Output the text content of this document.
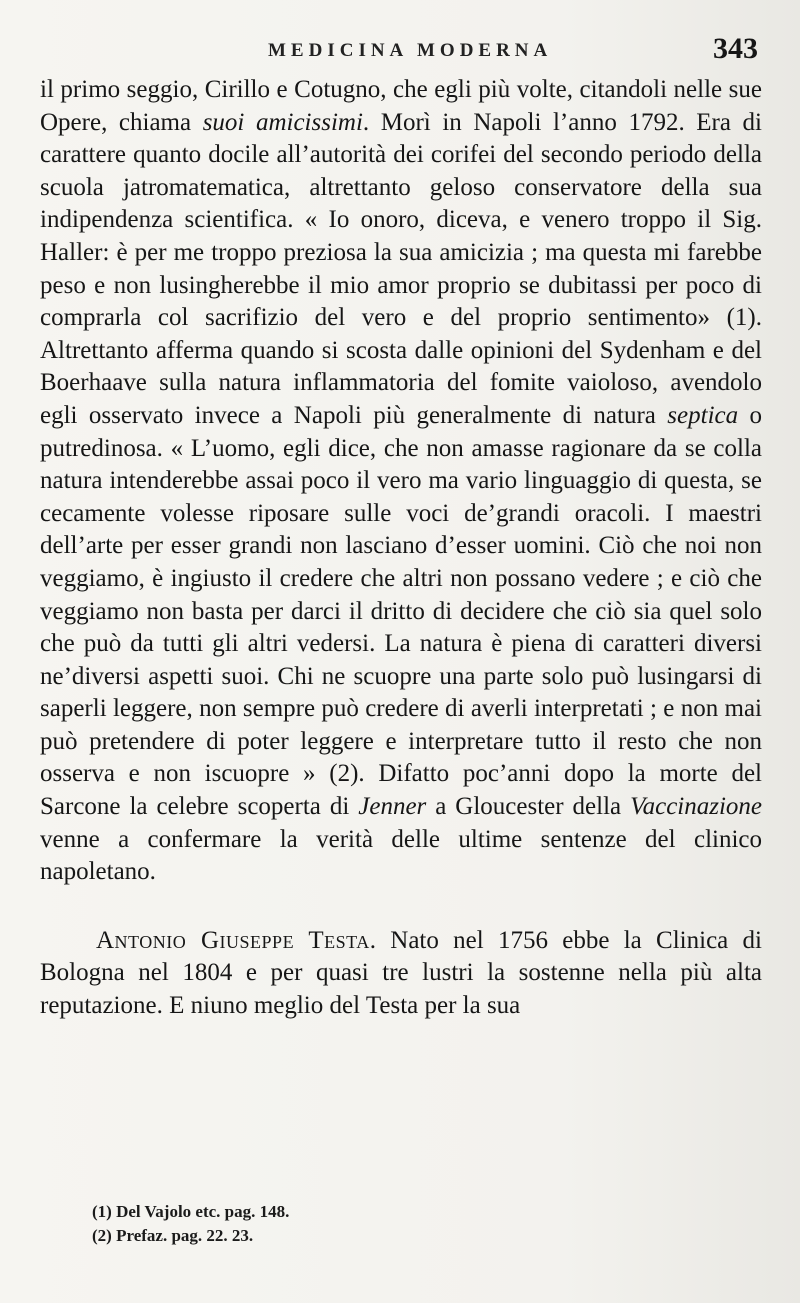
MEDICINA MODERNA	343

il primo seggio, Cirillo e Cotugno, che egli più volte, citandoli nelle sue Opere, chiama suoi amicissimi. Morì in Napoli l’anno 1792. Era di carattere quanto docile all’autorità dei corifei del secondo periodo della scuola jatromatematica, altrettanto geloso conservatore della sua indipendenza scientifica. « Io onoro, diceva, e venero troppo il Sig. Haller: è per me troppo preziosa la sua amicizia ; ma questa mi farebbe peso e non lusingherebbe il mio amor proprio se dubitassi per poco di comprarla col sacrifizio del vero e del proprio sentimento» (1). Altrettanto afferma quando si scosta dalle opinioni del Sydenham e del Boerhaave sulla natura inflammatoria del fomite vaioloso, avendolo egli osservato invece a Napoli più generalmente di natura septica o putredinosa. « L’uomo, egli dice, che non amasse ragionare da se colla natura intenderebbe assai poco il vero ma vario linguaggio di questa, se cecamente volesse riposare sulle voci de’grandi oracoli. I maestri dell’arte per esser grandi non lasciano d’esser uomini. Ciò che noi non veggiamo, è ingiusto il credere che altri non possano vedere ; e ciò che veggiamo non basta per darci il dritto di decidere che ciò sia quel solo che può da tutti gli altri vedersi. La natura è piena di caratteri diversi ne’diversi aspetti suoi. Chi ne scuopre una parte solo può lusingarsi di saperli leggere, non sempre può credere di averli interpretati ; e non mai può pretendere di poter leggere e interpretare tutto il resto che non osserva e non iscuopre » (2). Difatto poc’anni dopo la morte del Sarcone la celebre scoperta di Jenner a Gloucester della Vaccinazione venne a confermare la verità delle ultime sentenze del clinico napoletano.

Antonio Giuseppe Testa. Nato nel 1756 ebbe la Clinica di Bologna nel 1804 e per quasi tre lustri la sostenne nella più alta reputazione. E niuno meglio del Testa per la sua

(1) Del Vajolo etc. pag. 148.
(2) Prefaz. pag. 22. 23.
